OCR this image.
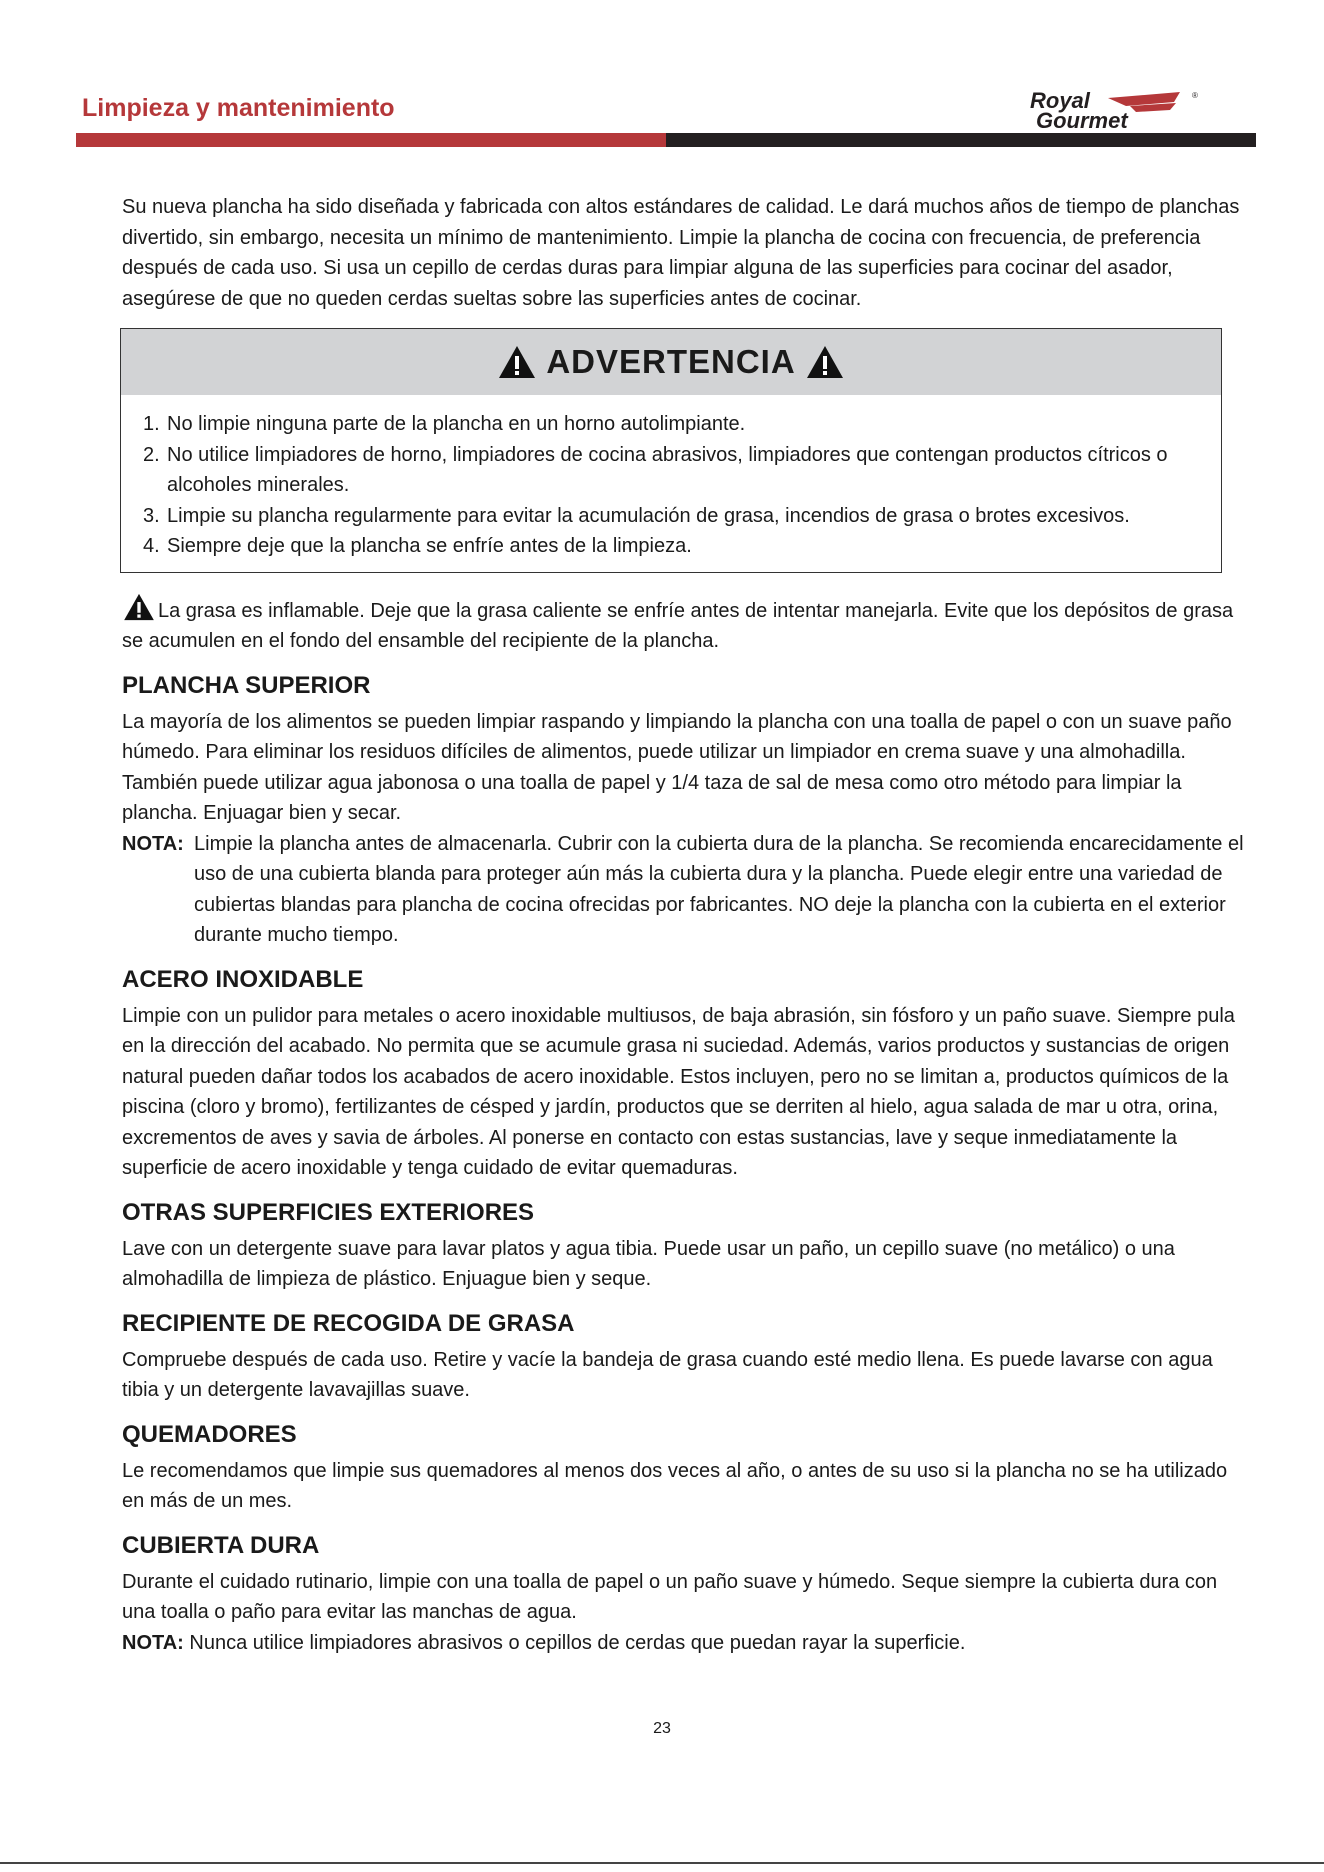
Limpieza y mantenimiento	Royal
Gourmet
®

Su nueva plancha ha sido diseñada y fabricada con altos estándares de calidad. Le dará muchos años de tiempo de planchas divertido, sin embargo, necesita un mínimo de mantenimiento. Limpie la plancha de cocina con frecuencia, de preferencia después de cada uso. Si usa un cepillo de cerdas duras para limpiar alguna de las superficies para cocinar del asador, asegúrese de que no queden cerdas sueltas sobre las superficies antes de cocinar.

ADVERTENCIA
1. No limpie ninguna parte de la plancha en un horno autolimpiante.
2. No utilice limpiadores de horno, limpiadores de cocina abrasivos, limpiadores que contengan productos cítricos o alcoholes minerales.
3. Limpie su plancha regularmente para evitar la acumulación de grasa, incendios de grasa o brotes excesivos.
4. Siempre deje que la plancha se enfríe antes de la limpieza.

La grasa es inflamable. Deje que la grasa caliente se enfríe antes de intentar manejarla. Evite que los depósitos de grasa se acumulen en el fondo del ensamble del recipiente de la plancha.

PLANCHA SUPERIOR

La mayoría de los alimentos se pueden limpiar raspando y limpiando la plancha con una toalla de papel o con un suave paño húmedo. Para eliminar los residuos difíciles de alimentos, puede utilizar un limpiador en crema suave y una almohadilla. También puede utilizar agua jabonosa o una toalla de papel y 1/4 taza de sal de mesa como otro método para limpiar la plancha. Enjuagar bien y secar.

NOTA: Limpie la plancha antes de almacenarla. Cubrir con la cubierta dura de la plancha. Se recomienda encarecidamente el uso de una cubierta blanda para proteger aún más la cubierta dura y la plancha. Puede elegir entre una variedad de cubiertas blandas para plancha de cocina ofrecidas por fabricantes. NO deje la plancha con la cubierta en el exterior durante mucho tiempo.
ACERO INOXIDABLE

Limpie con un pulidor para metales o acero inoxidable multiusos, de baja abrasión, sin fósforo y un paño suave. Siempre pula en la dirección del acabado. No permita que se acumule grasa ni suciedad. Además, varios productos y sustancias de origen natural pueden dañar todos los acabados de acero inoxidable. Estos incluyen, pero no se limitan a, productos químicos de la piscina (cloro y bromo), fertilizantes de césped y jardín, productos que se derriten al hielo, agua salada de mar u otra, orina, excrementos de aves y savia de árboles. Al ponerse en contacto con estas sustancias, lave y seque inmediatamente la superficie de acero inoxidable y tenga cuidado de evitar quemaduras.

OTRAS SUPERFICIES EXTERIORES

Lave con un detergente suave para lavar platos y agua tibia. Puede usar un paño, un cepillo suave (no metálico) o una almohadilla de limpieza de plástico. Enjuague bien y seque.

RECIPIENTE DE RECOGIDA DE GRASA

Compruebe después de cada uso. Retire y vacíe la bandeja de grasa cuando esté medio llena. Es puede lavarse con agua tibia y un detergente lavavajillas suave.

QUEMADORES

Le recomendamos que limpie sus quemadores al menos dos veces al año, o antes de su uso si la plancha no se ha utilizado en más de un mes.

CUBIERTA DURA

Durante el cuidado rutinario, limpie con una toalla de papel o un paño suave y húmedo. Seque siempre la cubierta dura con una toalla o paño para evitar las manchas de agua.

NOTA: Nunca utilice limpiadores abrasivos o cepillos de cerdas que puedan rayar la superficie.

23
